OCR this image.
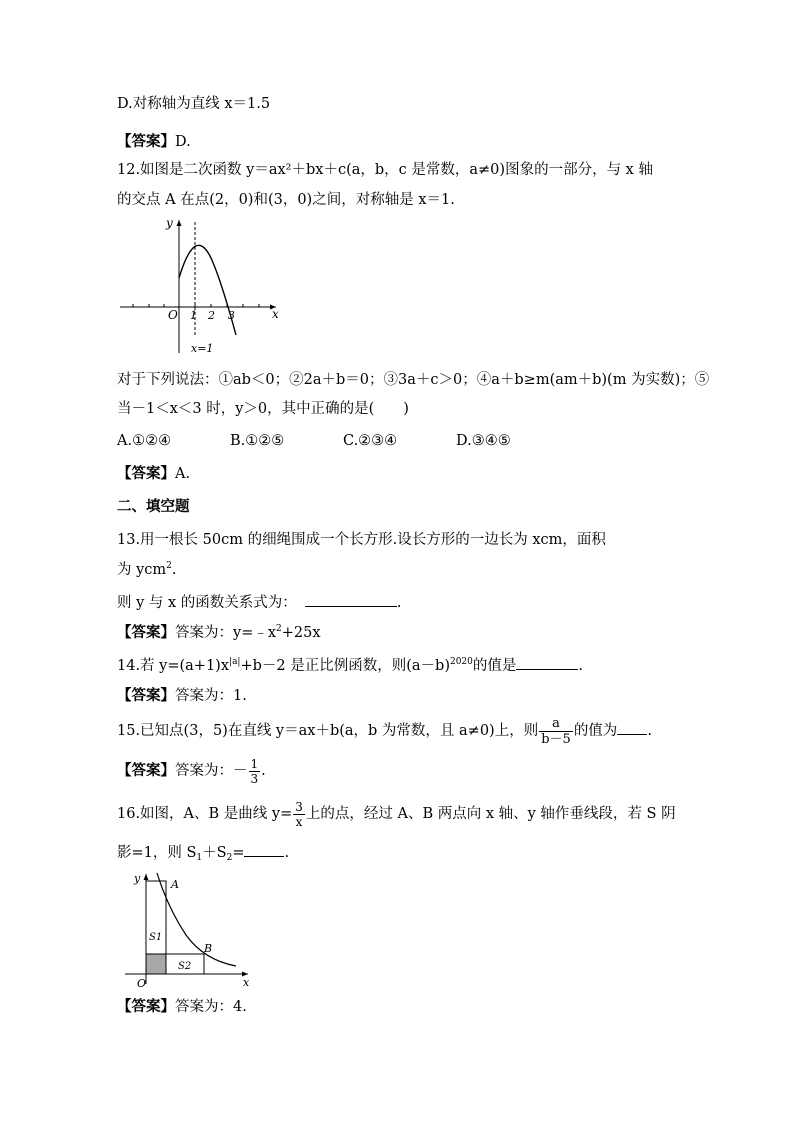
D.对称轴为直线 x＝1.5
【答案】D.
12.如图是二次函数 y＝ax²＋bx＋c(a，b，c 是常数，a≠0)图象的一部分，与 x 轴
的交点 A 在点(2，0)和(3，0)之间，对称轴是 x＝1.
y
x
O 1 2 3
x=1
对于下列说法：①ab＜0；②2a＋b＝0；③3a＋c＞0；④a＋b≥m(am＋b)(m 为实数)；⑤
当－1＜x＜3 时，y＞0，其中正确的是(　　)
A.①②④	B.①②⑤	C.②③④	D.③④⑤
【答案】A.
二、填空题
13.用一根长 50cm 的细绳围成一个长方形.设长方形的一边长为 xcm，面积
为 ycm$^2$.
则 y 与 x 的函数关系式为：	.
【答案】答案为：$y=﹣x^2+25x$
14.若 $y=(a+1)x^{|a|}+b-2$ 是正比例函数，则$(a-b)^{2020}$的值是	.
【答案】答案为：1.
15.已知点(3，5)在直线 y＝ax＋b(a，b 为常数，且 a≠0)上，则 $\frac{a}{b-5}$ 的值为 .
【答案】答案为：－ $\frac{1}{3}$ .
16.如图，A、B 是曲线 $y= \frac{3}{x}$ 上的点，经过 A、B 两点向 x 轴、y 轴作垂线段，若 S 阴
影=1，则 $S_1+S_2=$	.
y
x
O
A
B
S1
S2
【答案】答案为：4.
